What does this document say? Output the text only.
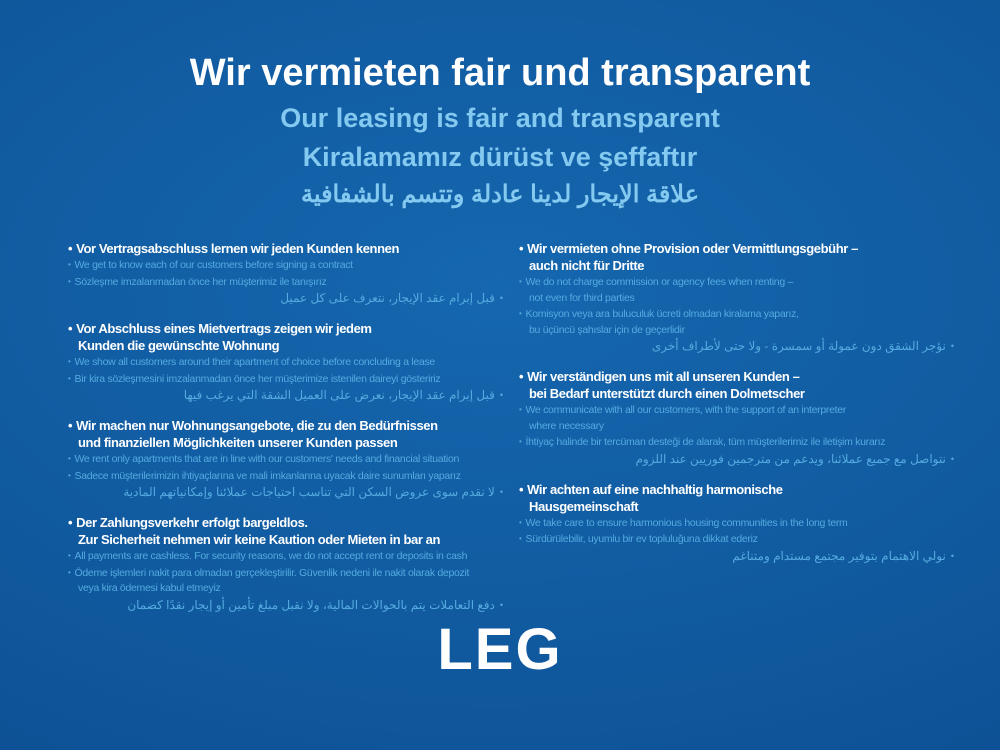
Wir vermieten fair und transparent
Our leasing is fair and transparent
Kiralamamız dürüst ve şeffaftır
علاقة الإيجار لدينا عادلة وتتسم بالشفافية
• Vor Vertragsabschluss lernen wir jeden Kunden kennen
• We get to know each of our customers before signing a contract
• Sözleşme imzalanmadan önce her müşterimiz ile tanışırız
•قبل إبرام عقد الإيجار، نتعرف على كل عميل
• Vor Abschluss eines Mietvertrags zeigen wir jedem
Kunden die gewünschte Wohnung
• We show all customers around their apartment of choice before concluding a lease
• Bir kira sözleşmesini imzalanmadan önce her müşterimize istenilen daireyi gösteririz
•قبل إبرام عقد الإيجار، نعرض على العميل الشقة التي يرغب فيها
• Wir machen nur Wohnungsangebote, die zu den Bedürfnissen
und finanziellen Möglichkeiten unserer Kunden passen
• We rent only apartments that are in line with our customers' needs and financial situation
• Sadece müşterilerimizin ihtiyaçlarına ve mali imkanlarına uyacak daire sunumları yaparız
•لا نقدم سوى عروض السكن التي تناسب احتياجات عملائنا وإمكانياتهم المادية
• Der Zahlungsverkehr erfolgt bargeldlos.
Zur Sicherheit nehmen wir keine Kaution oder Mieten in bar an
• All payments are cashless. For security reasons, we do not accept rent or deposits in cash
• Ödeme işlemleri nakit para olmadan gerçekleştirilir. Güvenlik nedeni ile nakit olarak depozit
veya kira ödemesi kabul etmeyiz
•دفع التعاملات يتم بالحوالات المالية، ولا نقبل مبلغ تأمين أو إيجار نقدًا كضمان
• Wir vermieten ohne Provision oder Vermittlungsgebühr –
auch nicht für Dritte
• We do not charge commission or agency fees when renting –
not even for third parties
• Komisyon veya ara buluculuk ücreti olmadan kiralama yaparız,
bu üçüncü şahıslar için de geçerlidir
•نؤجر الشقق دون عمولة أو سمسرة - ولا حتى لأطراف أخرى
• Wir verständigen uns mit all unseren Kunden –
bei Bedarf unterstützt durch einen Dolmetscher
• We communicate with all our customers, with the support of an interpreter
where necessary
• İhtiyaç halinde bir tercüman desteği de alarak, tüm müşterilerimiz ile iletişim kurarız
•نتواصل مع جميع عملائنا، ويدعم من مترجمين فوريين عند اللزوم
• Wir achten auf eine nachhaltig harmonische
Hausgemeinschaft
• We take care to ensure harmonious housing communities in the long term
• Sürdürülebilir, uyumlu bir ev topluluğuna dikkat ederiz
•نولي الاهتمام بتوفير مجتمع مستدام ومتناغم
LEG
